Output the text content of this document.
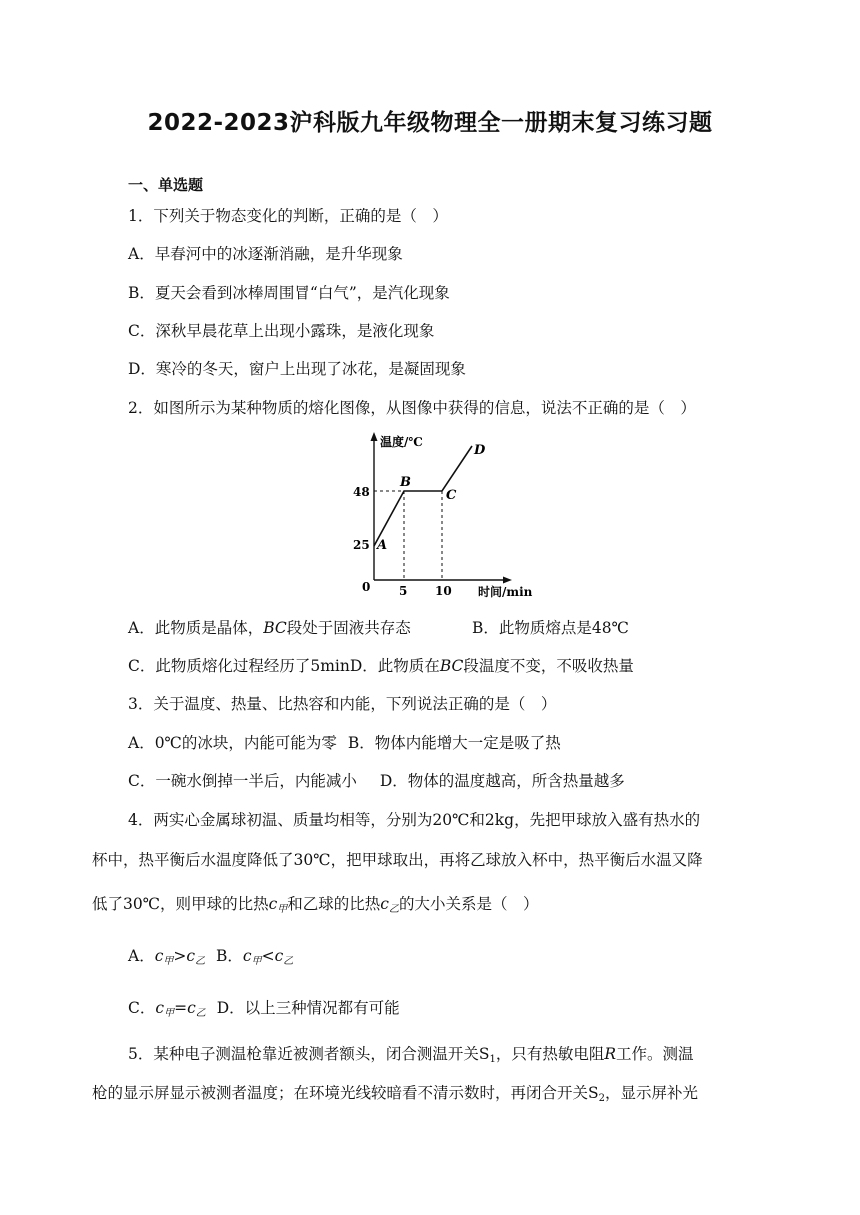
2022-2023沪科版九年级物理全一册期末复习练习题
一、单选题
1．下列关于物态变化的判断，正确的是（　）
A．早春河中的冰逐渐消融，是升华现象
B．夏天会看到冰棒周围冒“白气”，是汽化现象
C．深秋早晨花草上出现小露珠，是液化现象
D．寒冷的冬天，窗户上出现了冰花，是凝固现象
2．如图所示为某种物质的熔化图像，从图像中获得的信息，说法不正确的是（　）
温度/℃
时间/min
0 5 10
25
48
A
B
C
D
A．此物质是晶体，BC段处于固液共存态	B．此物质熔点是48℃
C．此物质熔化过程经历了5minD．此物质在BC段温度不变，不吸收热量
3．关于温度、热量、比热容和内能，下列说法正确的是（　）
A．0℃的冰块，内能可能为零 B．物体内能增大一定是吸了热
C．一碗水倒掉一半后，内能减小 D．物体的温度越高，所含热量越多
4．两实心金属球初温、质量均相等，分别为20℃和2kg，先把甲球放入盛有热水的
杯中，热平衡后水温度降低了30℃，把甲球取出，再将乙球放入杯中，热平衡后水温又降
低了30℃，则甲球的比热c甲和乙球的比热c乙的大小关系是（　）
A．c甲>c乙 B．c甲<c乙
C．c甲=c乙 D．以上三种情况都有可能
5．某种电子测温枪靠近被测者额头，闭合测温开关$S_1$，只有热敏电阻R工作。测温
枪的显示屏显示被测者温度；在环境光线较暗看不清示数时，再闭合开关$S_2$，显示屏补光
